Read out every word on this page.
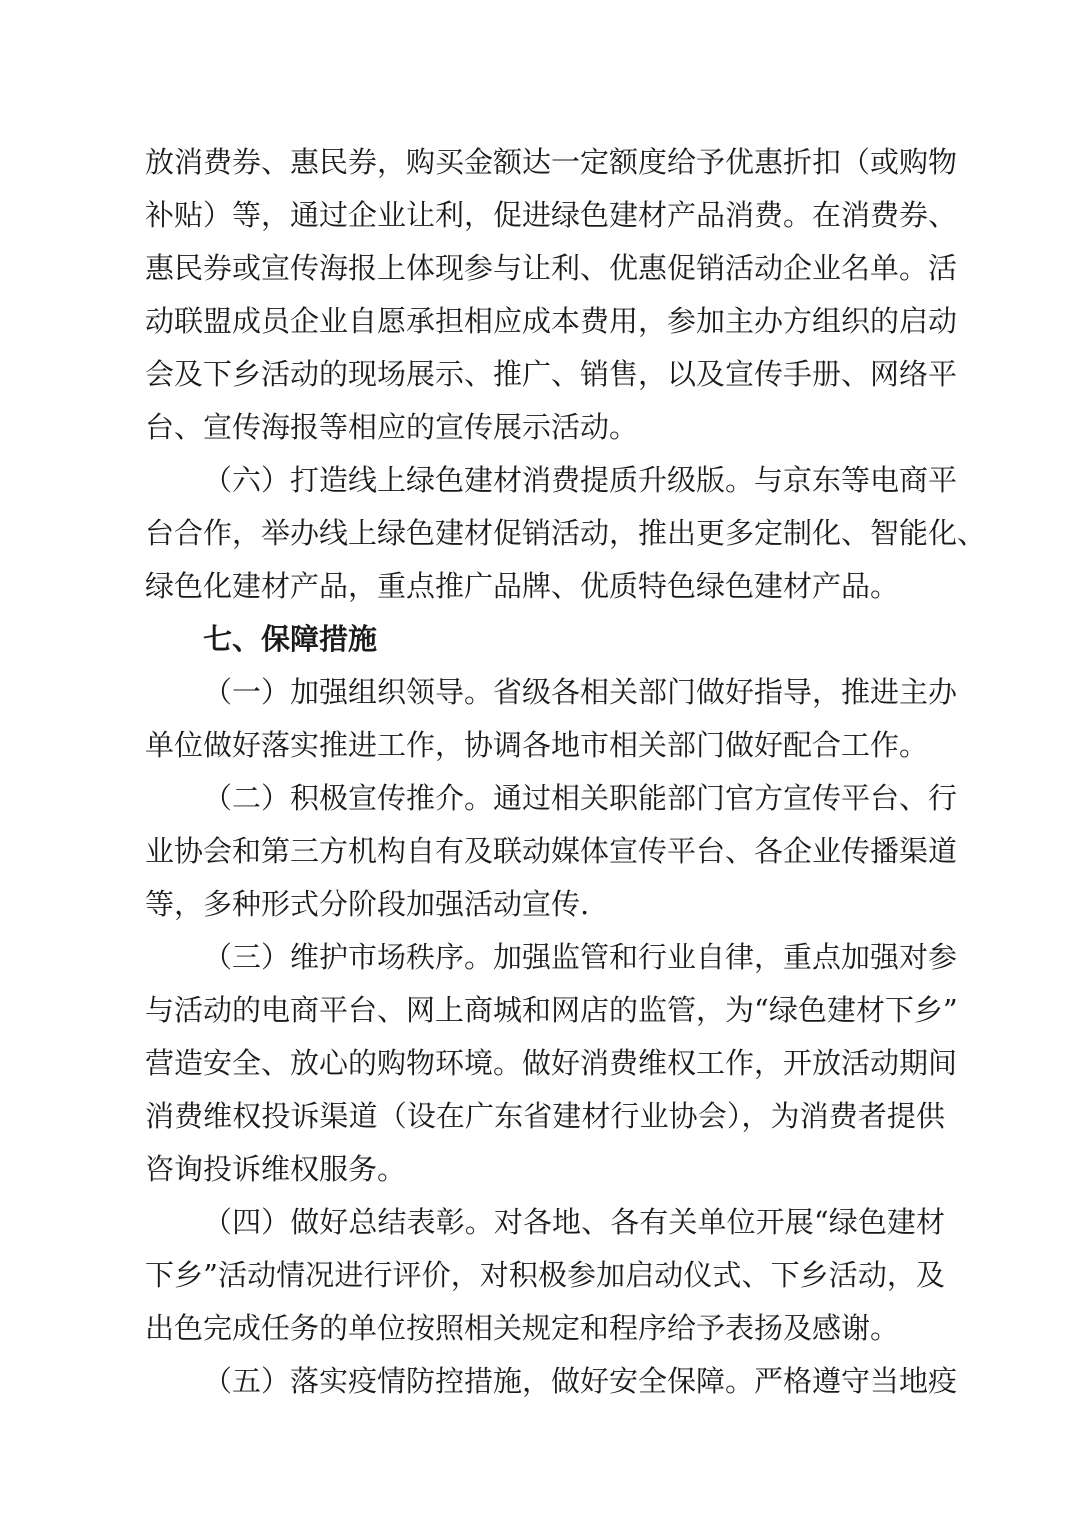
放消费券、惠民券，购买金额达一定额度给予优惠折扣（或购物
补贴）等，通过企业让利，促进绿色建材产品消费。在消费券、
惠民券或宣传海报上体现参与让利、优惠促销活动企业名单。活
动联盟成员企业自愿承担相应成本费用，参加主办方组织的启动
会及下乡活动的现场展示、推广、销售，以及宣传手册、网络平
台、宣传海报等相应的宣传展示活动。
（六）打造线上绿色建材消费提质升级版。与京东等电商平
台合作，举办线上绿色建材促销活动，推出更多定制化、智能化、
绿色化建材产品，重点推广品牌、优质特色绿色建材产品。
七、保障措施
（一）加强组织领导。省级各相关部门做好指导，推进主办
单位做好落实推进工作，协调各地市相关部门做好配合工作。
（二）积极宣传推介。通过相关职能部门官方宣传平台、行
业协会和第三方机构自有及联动媒体宣传平台、各企业传播渠道
等，多种形式分阶段加强活动宣传.
（三）维护市场秩序。加强监管和行业自律，重点加强对参
与活动的电商平台、网上商城和网店的监管，为“绿色建材下乡”
营造安全、放心的购物环境。做好消费维权工作，开放活动期间
消费维权投诉渠道（设在广东省建材行业协会），为消费者提供
咨询投诉维权服务。
（四）做好总结表彰。对各地、各有关单位开展“绿色建材
下乡”活动情况进行评价，对积极参加启动仪式、下乡活动，及
出色完成任务的单位按照相关规定和程序给予表扬及感谢。
（五）落实疫情防控措施，做好安全保障。严格遵守当地疫
